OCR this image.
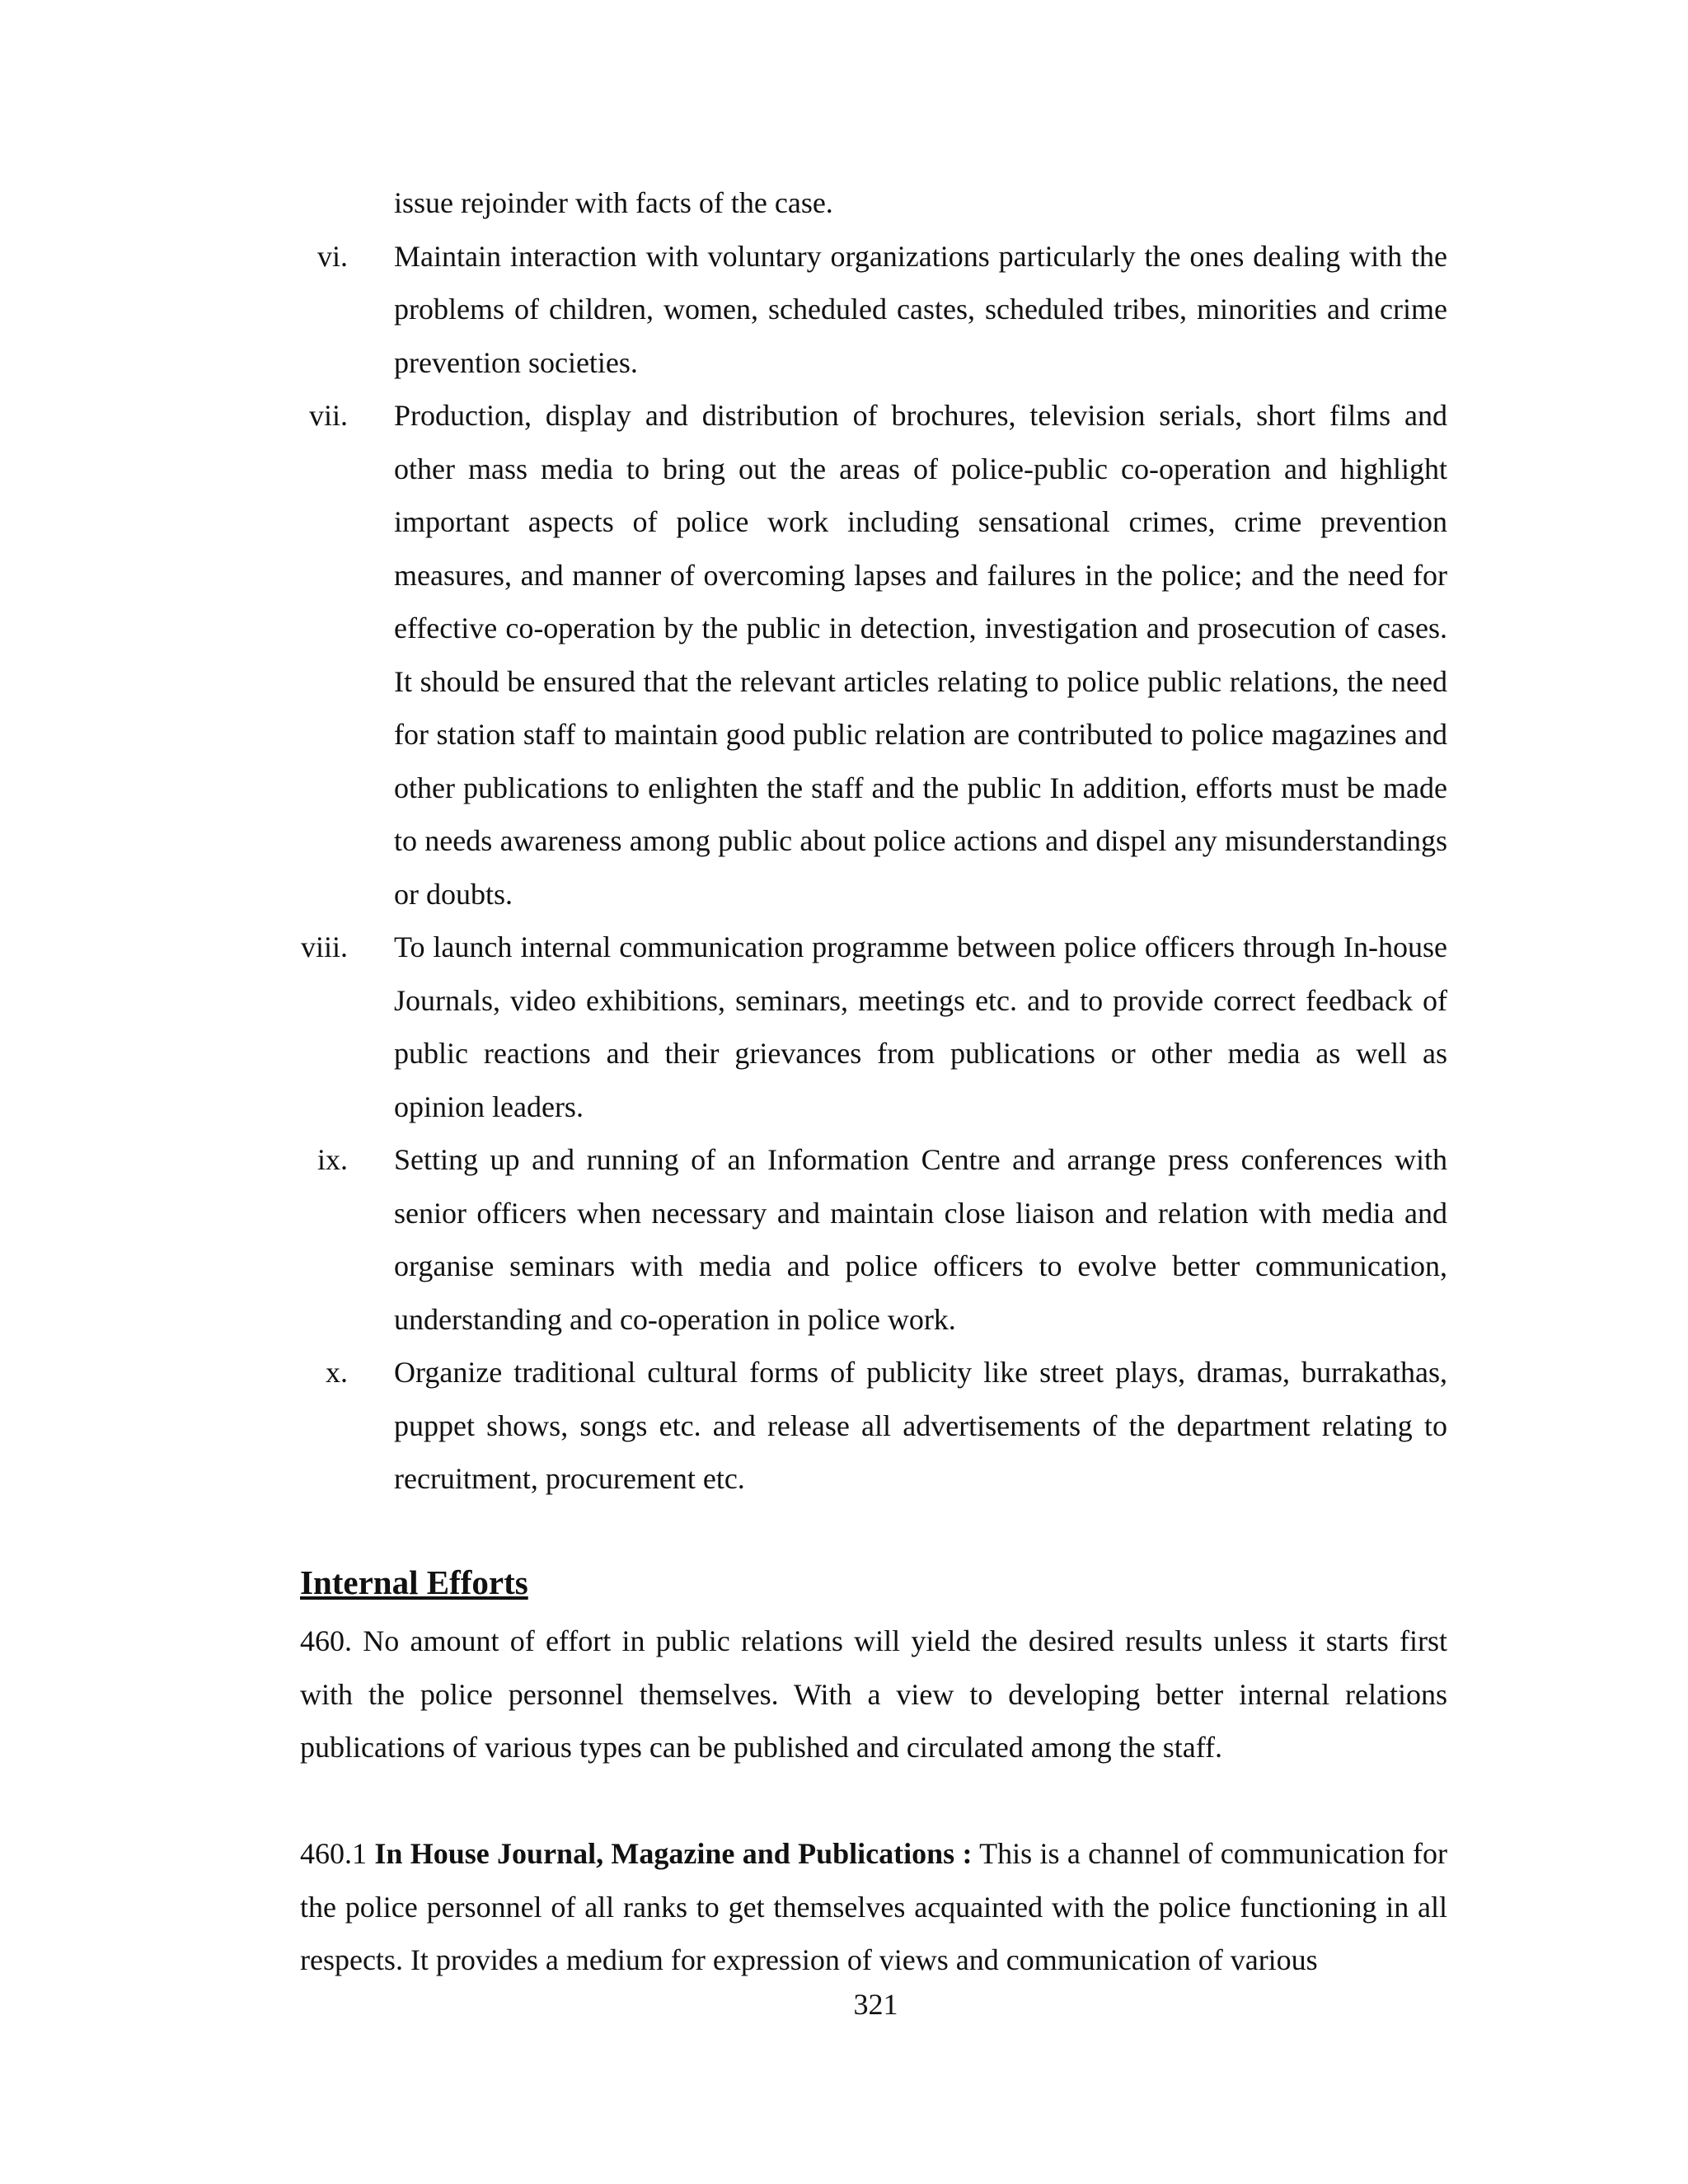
issue rejoinder with facts of the case.
vi. Maintain interaction with voluntary organizations particularly the ones dealing with the problems of children, women, scheduled castes, scheduled tribes, minorities and crime prevention societies.
vii. Production, display and distribution of brochures, television serials, short films and other mass media to bring out the areas of police-public co-operation and highlight important aspects of police work including sensational crimes, crime prevention measures, and manner of overcoming lapses and failures in the police; and the need for effective co-operation by the public in detection, investigation and prosecution of cases. It should be ensured that the relevant articles relating to police public relations, the need for station staff to maintain good public relation are contributed to police magazines and other publications to enlighten the staff and the public In addition, efforts must be made to needs awareness among public about police actions and dispel any misunderstandings or doubts.
viii. To launch internal communication programme between police officers through In-house Journals, video exhibitions, seminars, meetings etc. and to provide correct feedback of public reactions and their grievances from publications or other media as well as opinion leaders.
ix. Setting up and running of an Information Centre and arrange press conferences with senior officers when necessary and maintain close liaison and relation with media and organise seminars with media and police officers to evolve better communication, understanding and co-operation in police work.
x. Organize traditional cultural forms of publicity like street plays, dramas, burrakathas, puppet shows, songs etc. and release all advertisements of the department relating to recruitment, procurement etc.
Internal Efforts
460. No amount of effort in public relations will yield the desired results unless it starts first with the police personnel themselves. With a view to developing better internal relations publications of various types can be published and circulated among the staff.
460.1 In House Journal, Magazine and Publications : This is a channel of communication for the police personnel of all ranks to get themselves acquainted with the police functioning in all respects. It provides a medium for expression of views and communication of various
321
